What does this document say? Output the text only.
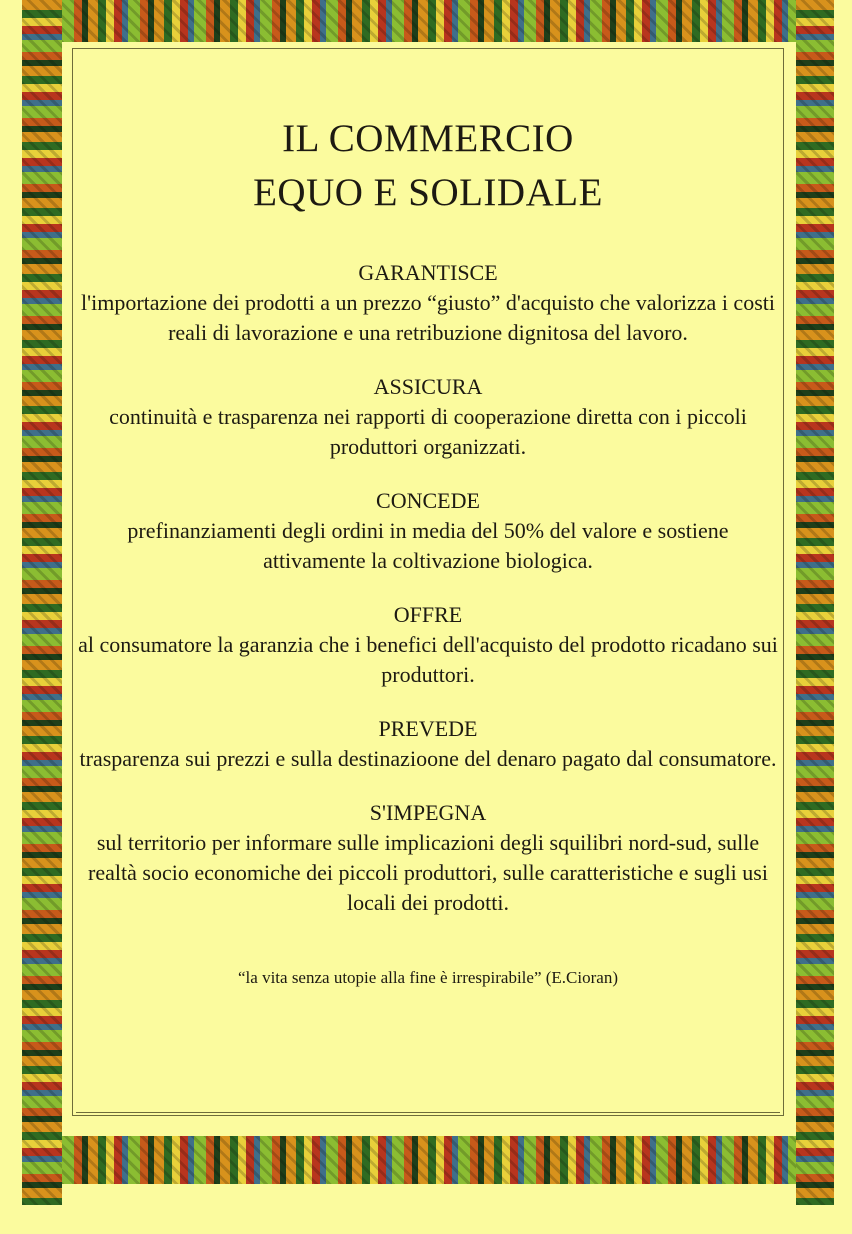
IL COMMERCIO
EQUO E SOLIDALE

GARANTISCE

l'importazione dei prodotti a un prezzo “giusto” d'acquisto che valorizza i costi reali di lavorazione e una retribuzione dignitosa del lavoro.

ASSICURA

continuità e trasparenza nei rapporti di cooperazione diretta con i piccoli produttori organizzati.

CONCEDE

prefinanziamenti degli ordini in media del 50% del valore e sostiene attivamente la coltivazione biologica.

OFFRE

al consumatore la garanzia che i benefici dell'acquisto del prodotto ricadano sui produttori.

PREVEDE

trasparenza sui prezzi e sulla destinazioone del denaro pagato dal consumatore.

S'IMPEGNA

sul territorio per informare sulle implicazioni degli squilibri nord-sud, sulle realtà socio economiche dei piccoli produttori, sulle caratteristiche e sugli usi locali dei prodotti.

“la vita senza utopie alla fine è irrespirabile” (E.Cioran)
